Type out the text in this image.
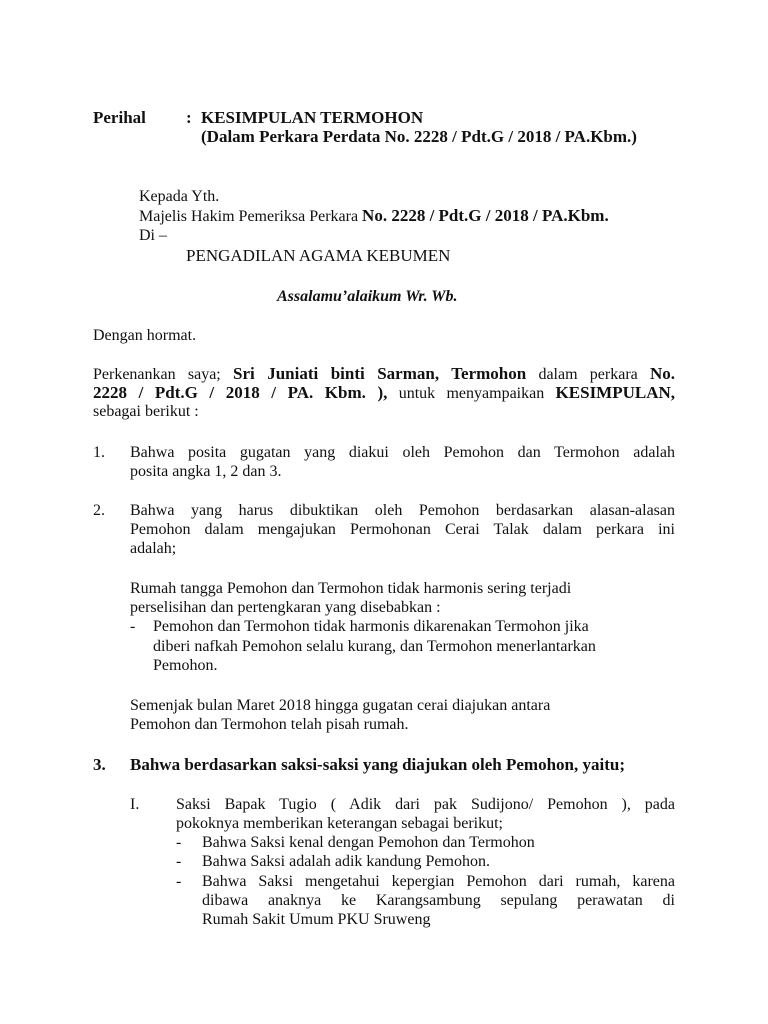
Perihal : KESIMPULAN TERMOHON
(Dalam Perkara Perdata No. 2228 / Pdt.G / 2018 / PA.Kbm.)
Kepada Yth.
Majelis Hakim Pemeriksa Perkara No. 2228 / Pdt.G / 2018 / PA.Kbm.
Di –
PENGADILAN AGAMA KEBUMEN
Assalamu’alaikum Wr. Wb.
Dengan hormat.
Perkenankan saya; Sri Juniati binti Sarman, Termohon dalam perkara No.
2228 / Pdt.G / 2018 / PA. Kbm. ), untuk menyampaikan KESIMPULAN,
sebagai berikut :
1. Bahwa posita gugatan yang diakui oleh Pemohon dan Termohon adalah
posita angka 1, 2 dan 3.
2. Bahwa yang harus dibuktikan oleh Pemohon berdasarkan alasan-alasan
Pemohon dalam mengajukan Permohonan Cerai Talak dalam perkara ini
adalah;
Rumah tangga Pemohon dan Termohon tidak harmonis sering terjadi
perselisihan dan pertengkaran yang disebabkan :
- Pemohon dan Termohon tidak harmonis dikarenakan Termohon jika
diberi nafkah Pemohon selalu kurang, dan Termohon menerlantarkan
Pemohon.
Semenjak bulan Maret 2018 hingga gugatan cerai diajukan antara
Pemohon dan Termohon telah pisah rumah.
3. Bahwa berdasarkan saksi-saksi yang diajukan oleh Pemohon, yaitu;
I. Saksi Bapak Tugio ( Adik dari pak Sudijono/ Pemohon ), pada
pokoknya memberikan keterangan sebagai berikut;
- Bahwa Saksi kenal dengan Pemohon dan Termohon
- Bahwa Saksi adalah adik kandung Pemohon.
- Bahwa Saksi mengetahui kepergian Pemohon dari rumah, karena
dibawa anaknya ke Karangsambung sepulang perawatan di
Rumah Sakit Umum PKU Sruweng
